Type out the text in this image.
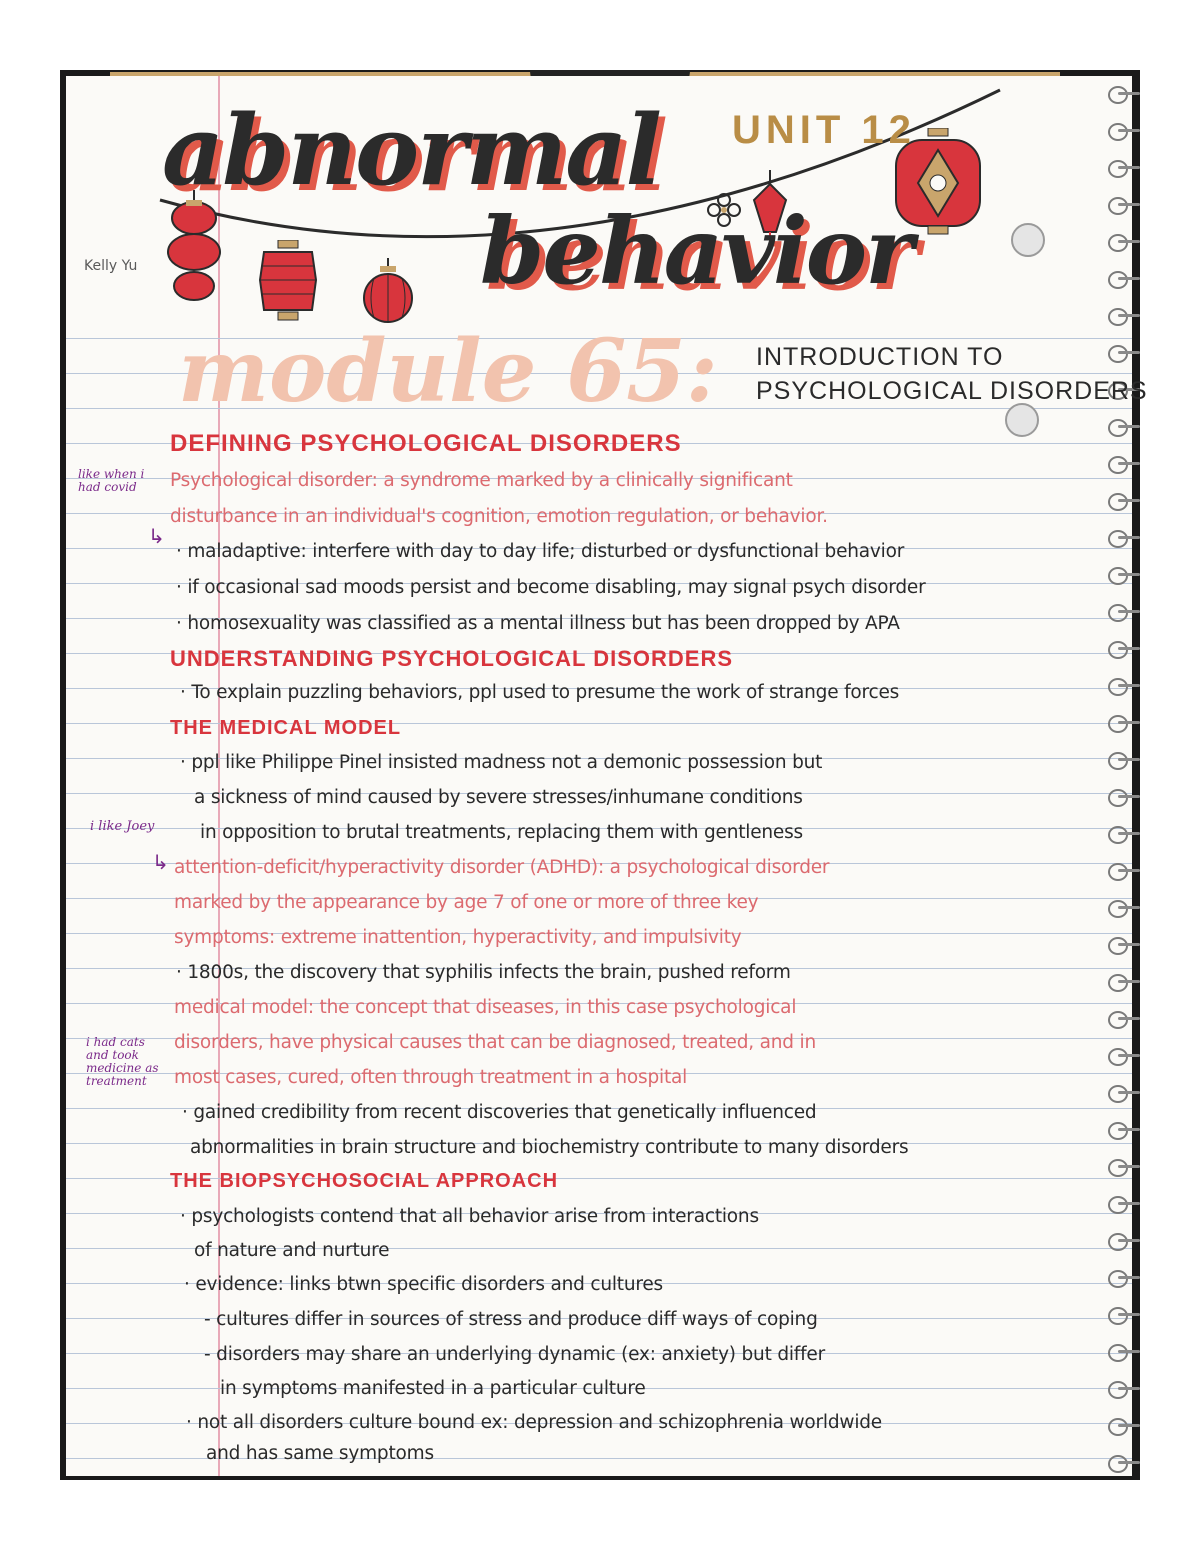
abnormal
behavior
UNIT 12
module 65: INTRODUCTION TO
PSYCHOLOGICAL DISORDERS
Kelly Yu
DEFINING PSYCHOLOGICAL DISORDERS
Psychological disorder: a syndrome marked by a clinically significant
disturbance in an individual's cognition, emotion regulation, or behavior.
· maladaptive: interfere with day to day life; disturbed or dysfunctional behavior
· if occasional sad moods persist and become disabling, may signal psych disorder
· homosexuality was classified as a mental illness but has been dropped by APA
UNDERSTANDING PSYCHOLOGICAL DISORDERS
· To explain puzzling behaviors, ppl used to presume the work of strange forces
THE MEDICAL MODEL
· ppl like Philippe Pinel insisted madness not a demonic possession but
a sickness of mind caused by severe stresses/inhumane conditions
in opposition to brutal treatments, replacing them with gentleness
attention-deficit/hyperactivity disorder (ADHD): a psychological disorder
marked by the appearance by age 7 of one or more of three key
symptoms: extreme inattention, hyperactivity, and impulsivity
· 1800s, the discovery that syphilis infects the brain, pushed reform
medical model: the concept that diseases, in this case psychological
disorders, have physical causes that can be diagnosed, treated, and in
most cases, cured, often through treatment in a hospital
· gained credibility from recent discoveries that genetically influenced
abnormalities in brain structure and biochemistry contribute to many disorders
THE BIOPSYCHOSOCIAL APPROACH
· psychologists contend that all behavior arise from interactions
of nature and nurture
· evidence: links btwn specific disorders and cultures
- cultures differ in sources of stress and produce diff ways of coping
- disorders may share an underlying dynamic (ex: anxiety) but differ
in symptoms manifested in a particular culture
· not all disorders culture bound ex: depression and schizophrenia worldwide
and has same symptoms
like when i had covid
↳
i like Joey
↳
i had cats and took medicine as treatment
